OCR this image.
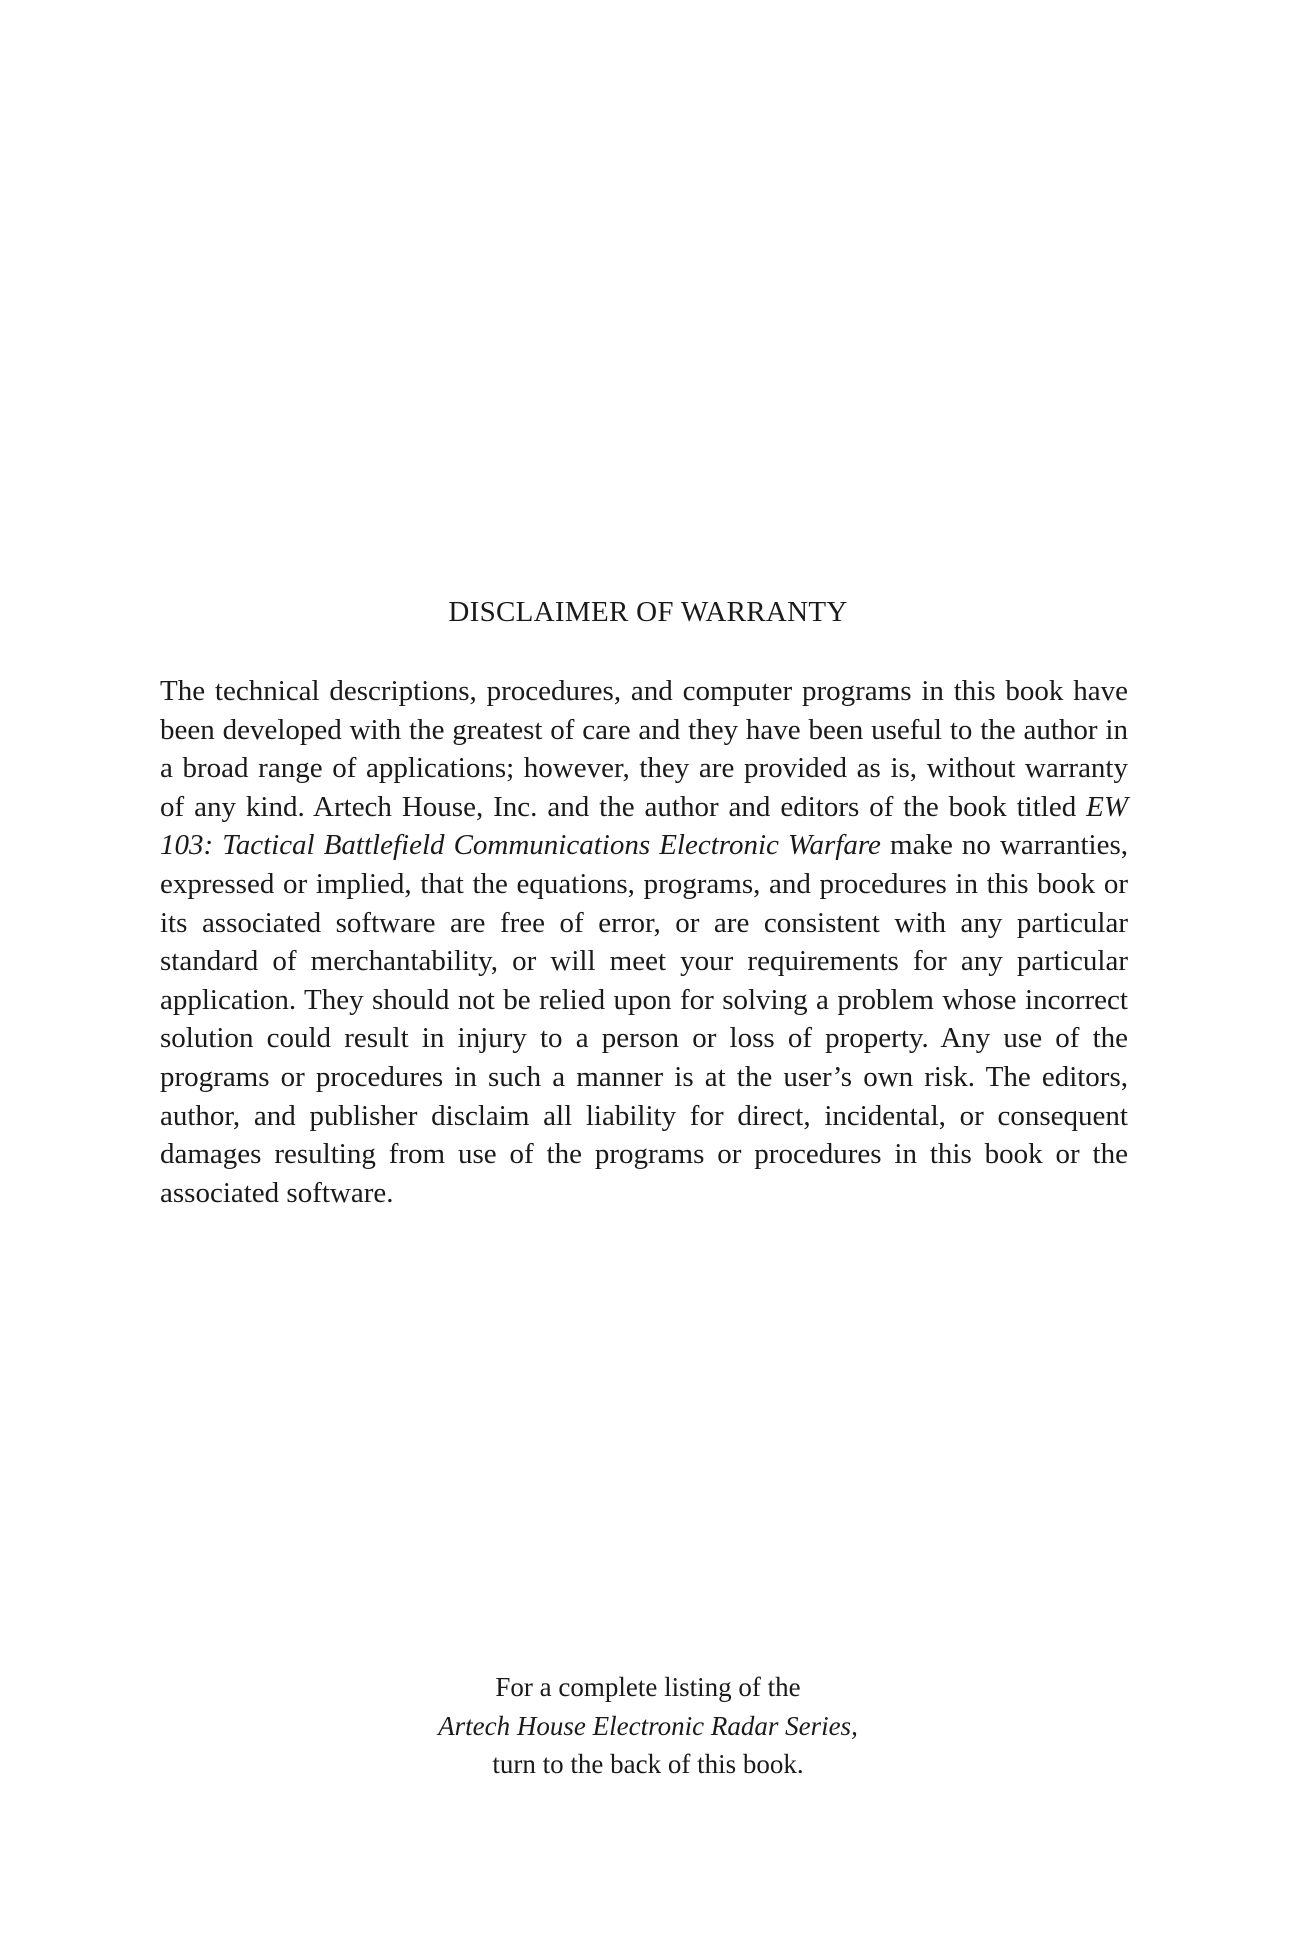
DISCLAIMER OF WARRANTY

The technical descriptions, procedures, and computer programs in this book have been developed with the greatest of care and they have been useful to the author in a broad range of applications; however, they are provided as is, without warranty of any kind. Artech House, Inc. and the author and editors of the book titled EW 103: Tactical Battlefield Communications Electronic Warfare make no warranties, expressed or implied, that the equations, programs, and procedures in this book or its associated software are free of error, or are consistent with any particular standard of merchantability, or will meet your requirements for any particular application. They should not be relied upon for solving a problem whose incorrect solution could result in injury to a person or loss of property. Any use of the programs or procedures in such a manner is at the user’s own risk. The editors, author, and publisher disclaim all liability for direct, incidental, or consequent damages resulting from use of the programs or procedures in this book or the associated software.

For a complete listing of the
Artech House Electronic Radar Series,
turn to the back of this book.
